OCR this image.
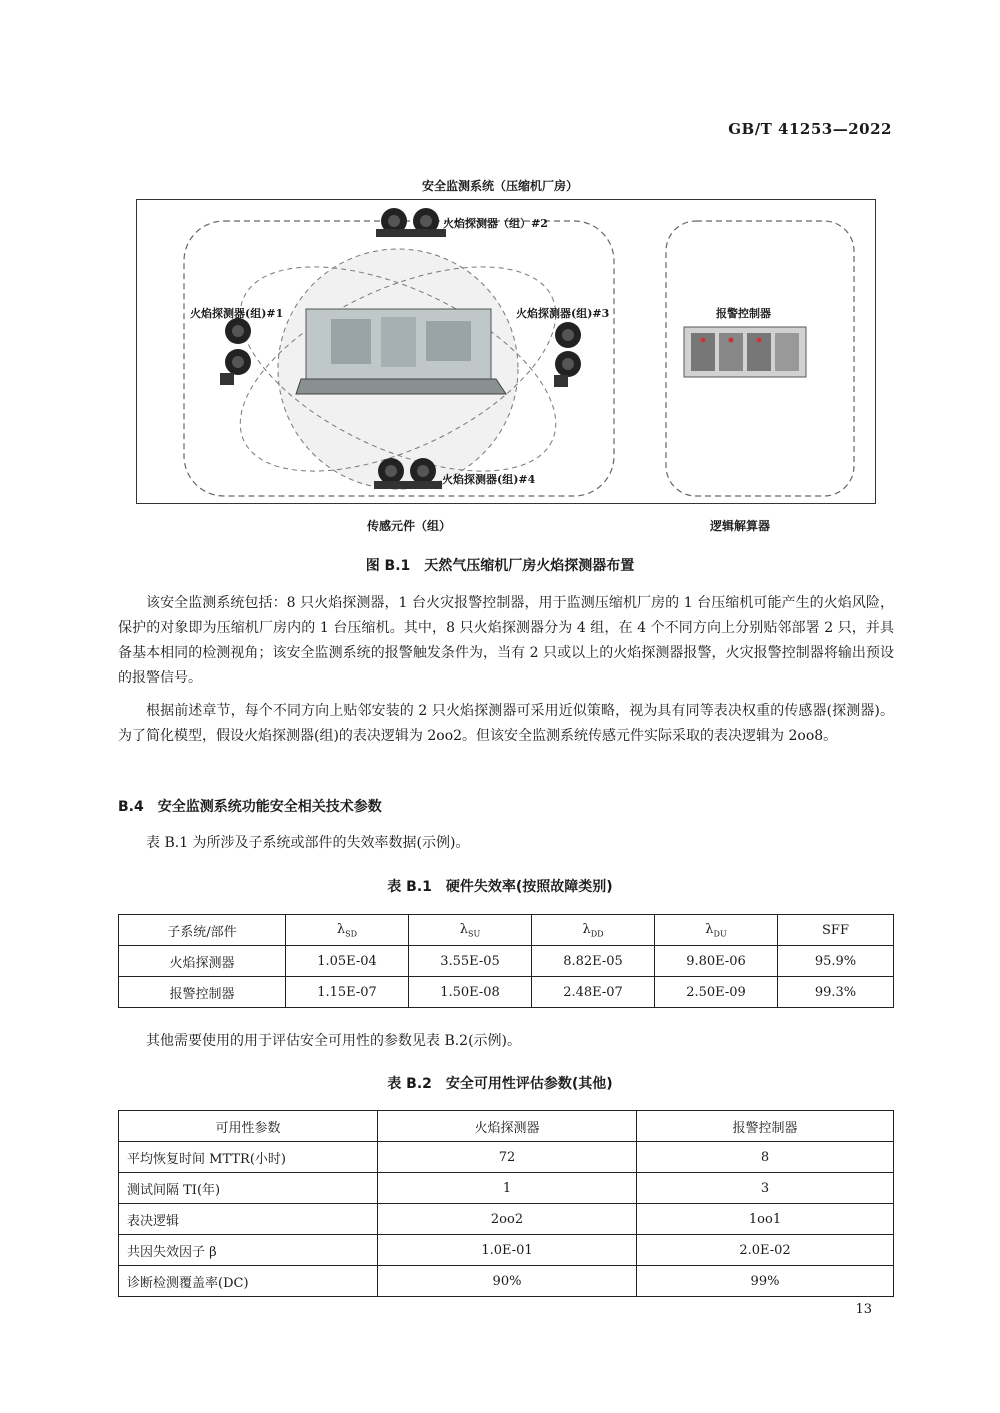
GB/T 41253—2022
安全监测系统（压缩机厂房）
火焰探测器（组）#2
火焰探测器(组)#1	火焰探测器(组)#3
火焰探测器(组)#4
报警控制器
传感元件（组）	逻辑解算器
图 B.1　天然气压缩机厂房火焰探测器布置

该安全监测系统包括：8 只火焰探测器，1 台火灾报警控制器，用于监测压缩机厂房的 1 台压缩机可能产生的火焰风险，保护的对象即为压缩机厂房内的 1 台压缩机。其中，8 只火焰探测器分为 4 组，在 4 个不同方向上分别贴邻部署 2 只，并具备基本相同的检测视角；该安全监测系统的报警触发条件为，当有 2 只或以上的火焰探测器报警，火灾报警控制器将输出预设的报警信号。

根据前述章节，每个不同方向上贴邻安装的 2 只火焰探测器可采用近似策略，视为具有同等表决权重的传感器(探测器)。为了简化模型，假设火焰探测器(组)的表决逻辑为 2oo2。但该安全监测系统传感元件实际采取的表决逻辑为 2oo8。

B.4　安全监测系统功能安全相关技术参数

表 B.1 为所涉及子系统或部件的失效率数据(示例)。

表 B.1　硬件失效率(按照故障类别)
子系统/部件	$\lambda_{SD}$	$\lambda_{SU}$	$\lambda_{DD}$	$\lambda_{DU}$	SFF
火焰探测器	1.05E-04	3.55E-05	8.82E-05	9.80E-06	95.9%
报警控制器	1.15E-07	1.50E-08	2.48E-07	2.50E-09	99.3%

其他需要使用的用于评估安全可用性的参数见表 B.2(示例)。

表 B.2　安全可用性评估参数(其他)
可用性参数	火焰探测器	报警控制器
平均恢复时间 MTTR(小时)	72	8
测试间隔 TI(年)	1	3
表决逻辑	2oo2	1oo1
共因失效因子 β	1.0E-01	2.0E-02
诊断检测覆盖率(DC)	90%	99%
13
